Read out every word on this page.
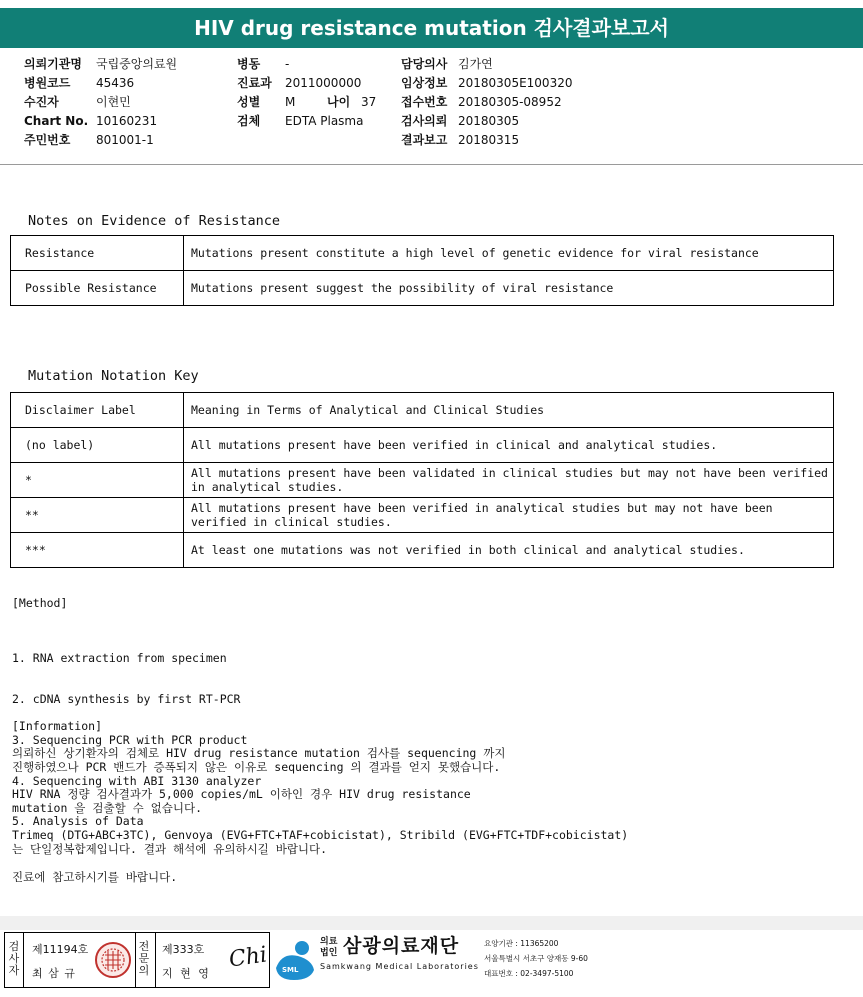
HIV drug resistance mutation 검사결과보고서
의뢰기관명 국립중앙의료원
병원코드 45436
수진자	이현민
Chart No. 10160231
주민번호 801001-1
병동 -
진료과 2011000000
성별 M	나이 37
검체 EDTA Plasma
담당의사 김가연
임상정보 20180305E100320
접수번호 20180305-08952
검사의뢰 20180305
결과보고 20180315
Notes on Evidence of Resistance
Resistance	Mutations present constitute a high level of genetic evidence for viral resistance
Possible Resistance	Mutations present suggest the possibility of viral resistance
Mutation Notation Key
Disclaimer Label	Meaning in Terms of Analytical and Clinical Studies
(no label)	All mutations present have been verified in clinical and analytical studies.
*	All mutations present have been validated in clinical studies but may not have been verified in analytical studies.
**	All mutations present have been verified in analytical studies but may not have been verified in clinical studies.
***	At least one mutations was not verified in both clinical and analytical studies.
[Method]

1. RNA extraction from specimen

2. cDNA synthesis by first RT-PCR

3. Sequencing PCR with PCR product

4. Sequencing with ABI 3130 analyzer

5. Analysis of Data

[Information]
의뢰하신 상기환자의 검체로 HIV drug resistance mutation 검사를 sequencing 까지
진행하였으나 PCR 밴드가 증폭되지 않은 이유로 sequencing 의 결과를 얻지 못했습니다.
HIV RNA 정량 검사결과가 5,000 copies/mL 이하인 경우 HIV drug resistance
mutation 을 검출할 수 없습니다.
Trimeq (DTG+ABC+3TC), Genvoya (EVG+FTC+TAF+cobicistat), Stribild (EVG+FTC+TDF+cobicistat)
는 단일정복합제입니다. 결과 해석에 유의하시길 바랍니다.
진료에 참고하시기를 바랍니다.
검
사
자
제11194호
최 삼 규
전
문
의
제333호
지 현 영
Chi SML
의료
법인 삼광의료재단
Samkwang Medical Laboratories
요양기관 : 11365200
서울특별시 서초구 양재동 9-60
대표번호 : 02-3497-5100
